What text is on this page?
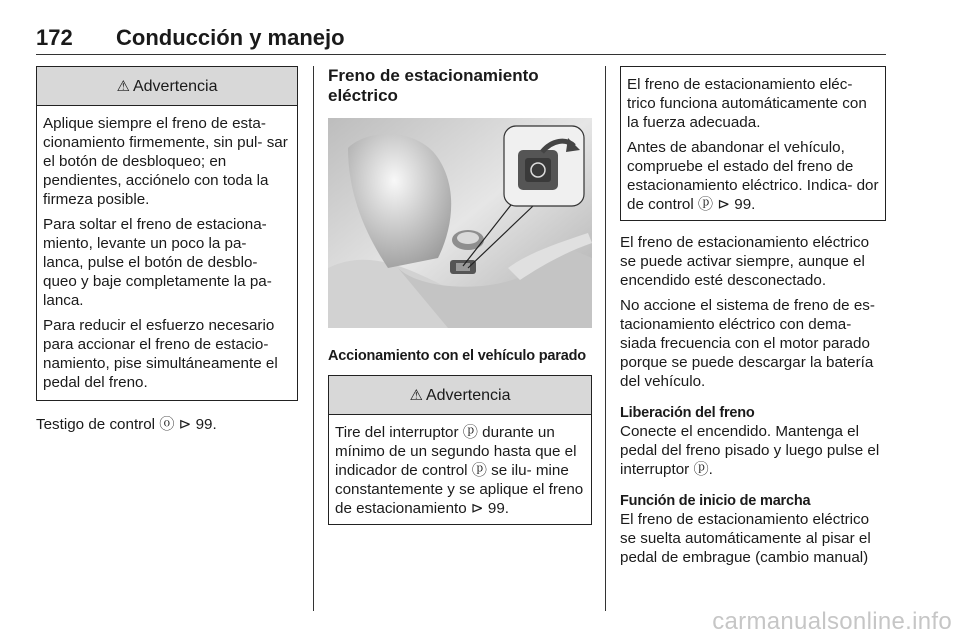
172 Conducción y manejo
⚠ Advertencia

Aplique siempre el freno de esta- cionamiento firmemente, sin pul- sar el botón de desbloqueo; en pendientes, acciónelo con toda la firmeza posible.

Para soltar el freno de estaciona- miento, levante un poco la pa- lanca, pulse el botón de desblo- queo y baje completamente la pa- lanca.

Para reducir el esfuerzo necesario para accionar el freno de estacio- namiento, pise simultáneamente el pedal del freno.

Testigo de control ⓞ ⊳ 99.

Freno de estacionamiento eléctrico

Accionamiento con el vehículo parado

⚠ Advertencia

Tire del interruptor ⓟ durante un mínimo de un segundo hasta que el indicador de control ⓟ se ilu- mine constantemente y se aplique el freno de estacionamiento ⊳ 99.

El freno de estacionamiento eléc- trico funciona automáticamente con la fuerza adecuada.

Antes de abandonar el vehículo, compruebe el estado del freno de estacionamiento eléctrico. Indica- dor de control ⓟ ⊳ 99.

El freno de estacionamiento eléctrico se puede activar siempre, aunque el encendido esté desconectado.

No accione el sistema de freno de es- tacionamiento eléctrico con dema- siada frecuencia con el motor parado porque se puede descargar la batería del vehículo.

Liberación del freno

Conecte el encendido. Mantenga el pedal del freno pisado y luego pulse el interruptor ⓟ.

Función de inicio de marcha

El freno de estacionamiento eléctrico se suelta automáticamente al pisar el pedal de embrague (cambio manual)

carmanualsonline.info
